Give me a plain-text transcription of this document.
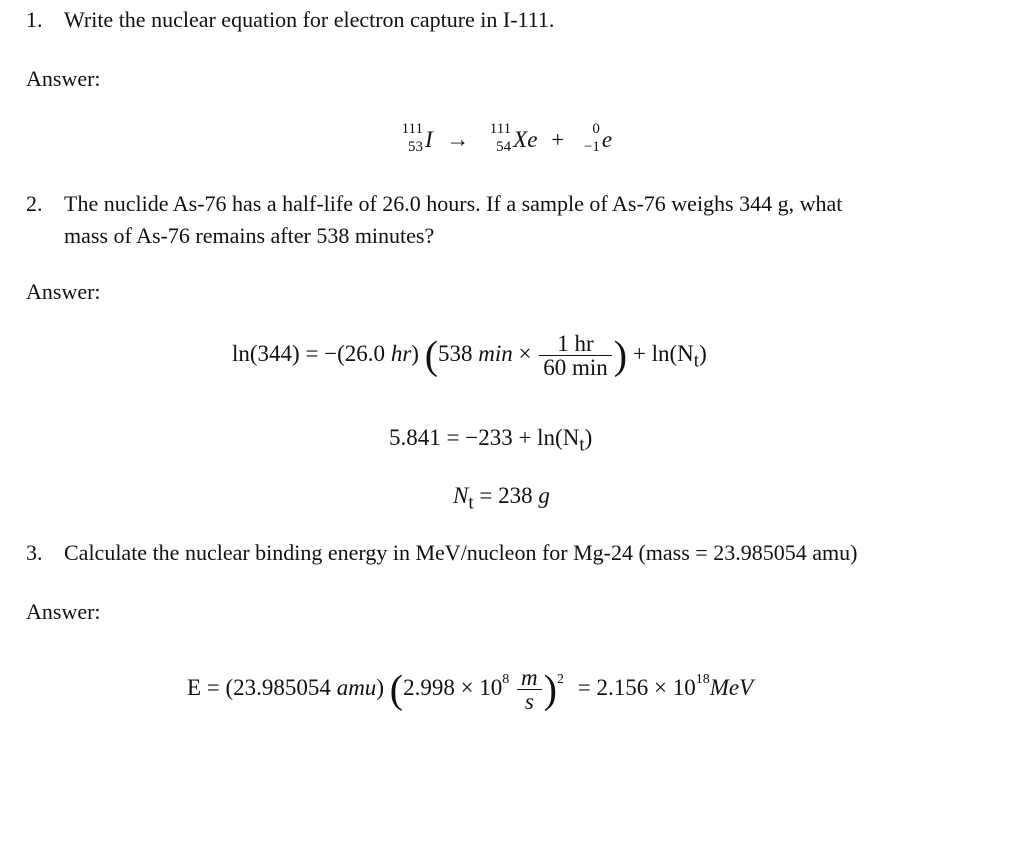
1. Write the nuclear equation for electron capture in I-111.
Answer:
111
53 I → 111
54 Xe + 0
−1 e
2. The nuclide As-76 has a half-life of 26.0 hours. If a sample of As-76 weighs 344 g, what
mass of As-76 remains after 538 minutes?
Answer:
ln(344) = −(26.0 hr) (538 $\min \times \frac{1 hr}{60 \min}$ ) + $\ln(N_t)$
$5.841 = -233 + \ln(N_t)$
$N_t = 238$ g
3. Calculate the nuclear binding energy in MeV/nucleon for Mg-24 (mass = 23.985054 amu)
Answer:
E = (23.985054 amu) $(2.998 \times 10^8 \frac{m}{s} )^2 = 2.156 \times 10^{18}MeV$
